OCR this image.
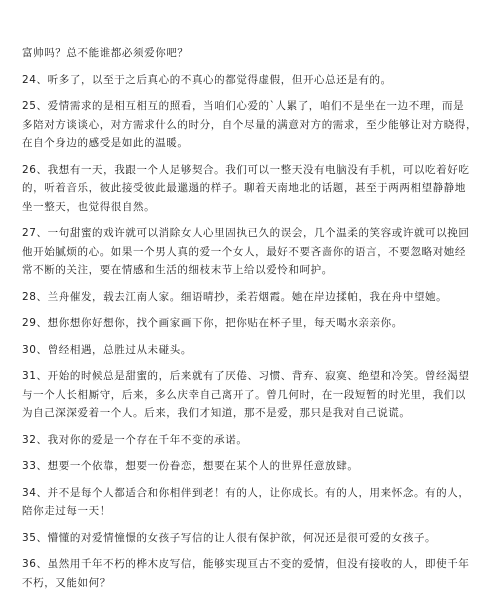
富帅吗？总不能谁都必须爱你吧？

24、听多了，以至于之后真心的不真心的都觉得虚假，但开心总还是有的。

25、爱情需求的是相互相互的照看，当咱们心爱的`人累了，咱们不是坐在一边不理，而是
多陪对方谈谈心，对方需求什么的时分，自个尽量的满意对方的需求，至少能够让对方晓得，
在自个身边的感受是如此的温暖。

26、我想有一天，我跟一个人足够契合。我们可以一整天没有电脑没有手机，可以吃着好吃
的，听着音乐，彼此接受彼此最邋遢的样子。聊着天南地北的话题，甚至于两两相望静静地
坐一整天，也觉得很自然。

27、一句甜蜜的戏许就可以消除女人心里固执已久的误会，几个温柔的笑容或许就可以挽回
他开始腻烦的心。如果一个男人真的爱一个女人，最好不要吝啬你的语言，不要忽略对她经
常不断的关注，要在情感和生活的细枝末节上给以爱怜和呵护。

28、兰舟催发，载去江南人家。细语晴抄，柔若烟霞。她在岸边揉帕，我在舟中望她。

29、想你想你好想你，找个画家画下你，把你贴在杯子里，每天喝水亲亲你。

30、曾经相遇，总胜过从未碰头。

31、开始的时候总是甜蜜的，后来就有了厌倦、习惯、背弃、寂寞、绝望和冷笑。曾经渴望
与一个人长相厮守，后来，多么庆幸自己离开了。曾几何时，在一段短暂的时光里，我们以
为自己深深爱着一个人。后来，我们才知道，那不是爱，那只是我对自己说谎。

32、我对你的爱是一个存在千年不变的承诺。

33、想要一个依靠，想要一份眷恋，想要在某个人的世界任意放肆。

34、并不是每个人都适合和你相伴到老！有的人，让你成长。有的人，用来怀念。有的人，
陪你走过每一天！

35、懵懂的对爱情憧憬的女孩子写信的让人很有保护欲，何况还是很可爱的女孩子。

36、虽然用千年不朽的桦木皮写信，能够实现亘古不变的爱情，但没有接收的人，即使千年
不朽，又能如何？
